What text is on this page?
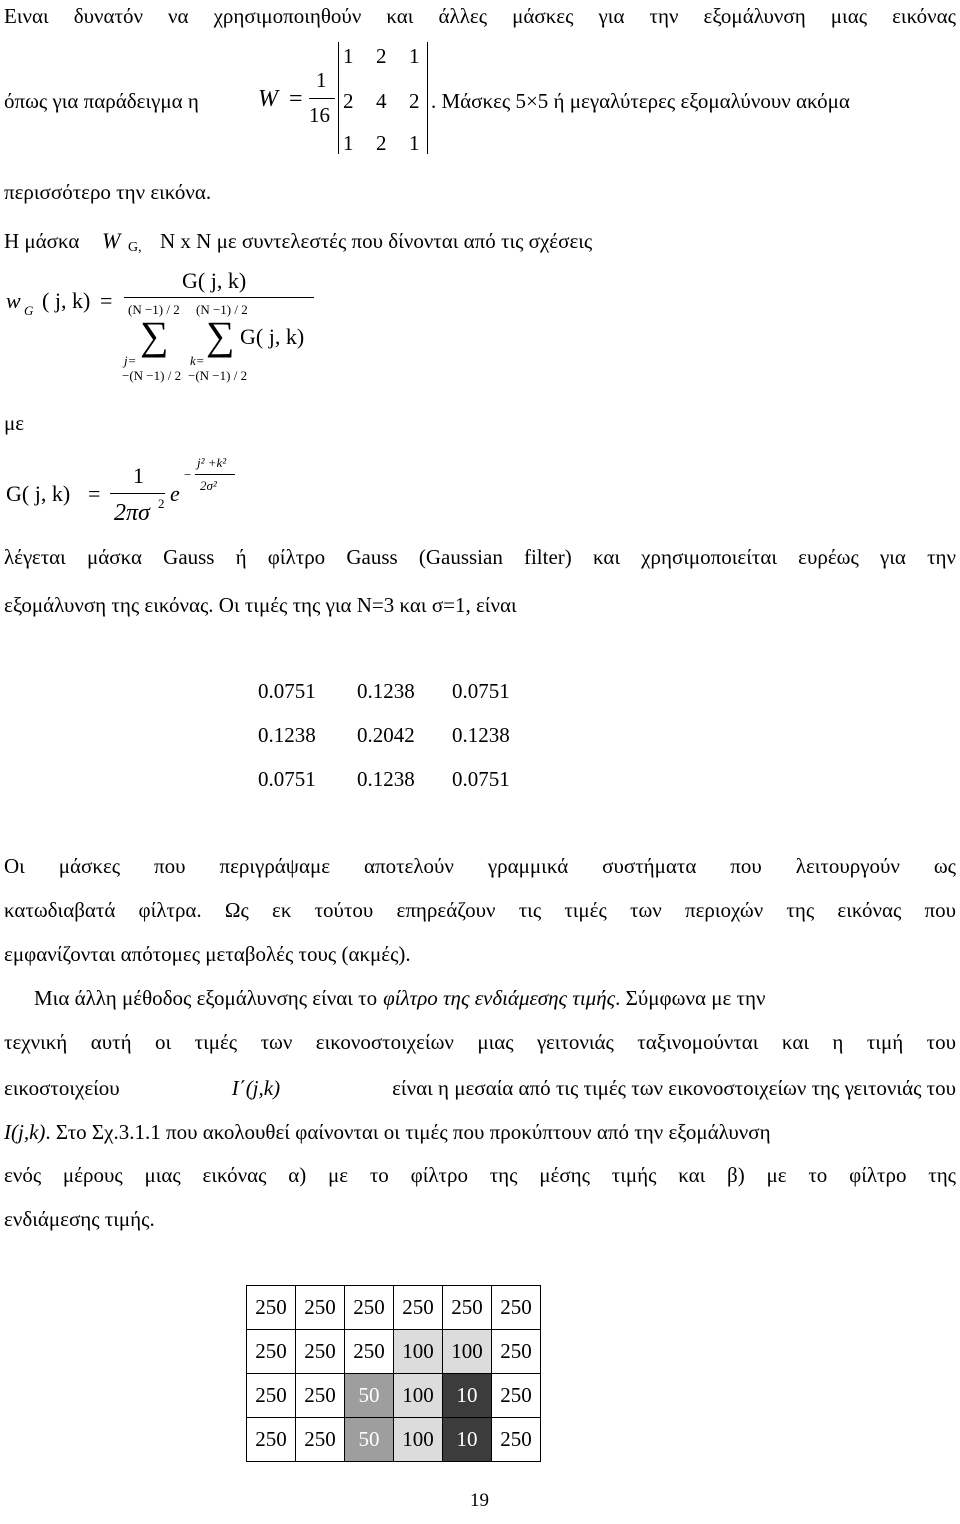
Eιναι δυνατόν να χρησιμοποιηθούν και άλλες μάσκες για την εξομάλυνση μιας εικόνας
όπως για παράδειγμα η W =
1
16
1 2 1
2 4 2
1 2 1
. Μάσκες 5×5 ή μεγαλύτερες εξομαλύνουν ακόμα
περισσότερο την εικόνα.
Η μάσκα W G, N x N με συντελεστές που δίνονται από τις σχέσεις
w G ( j, k) =
G( j, k)
(N −1) / 2 (N −1) / 2
∑ ∑ G( j, k)
j=	k=
−(N −1) / 2 −(N −1) / 2
με
G( j, k) =
1
2πσ 2 e
−
j² +k²
2σ²
λέγεται μάσκα Gauss ή φίλτρο Gauss (Gaussian filter) και χρησιμοποιείται ευρέως για την
εξομάλυνση της εικόνας. Οι τιμές της για N=3 και σ=1, είναι
0.0751 0.1238 0.0751
0.1238 0.2042 0.1238
0.0751 0.1238 0.0751
Οι μάσκες που περιγράψαμε αποτελούν γραμμικά συστήματα που λειτουργούν ως
κατωδιαβατά φίλτρα. Ως εκ τούτου επηρεάζουν τις τιμές των περιοχών της εικόνας που
εμφανίζονται απότομες μεταβολές τους (ακμές).
Μια άλλη μέθοδος εξομάλυνσης είναι το φίλτρο της ενδιάμεσης τιμής. Σύμφωνα με την
τεχνική αυτή οι τιμές των εικονοστοιχείων μιας γειτονιάς ταξινομούνται και η τιμή του
εικοστοιχείου	I΄(j,k)	είναι η μεσαία από τις τιμές των εικονοστοιχείων της γειτονιάς του
I(j,k) . Στο Σχ.3.1.1 που ακολουθεί φαίνονται οι τιμές που προκύπτουν από την εξομάλυνση
ενός μέρους μιας εικόνας α) με το φίλτρο της μέσης τιμής και β) με το φίλτρο της
ενδιάμεσης τιμής.
250	250	250	250	250	250
250	250	250	100	100	250
250	250	50	100	10	250
250	250	50	100	10	250
19
